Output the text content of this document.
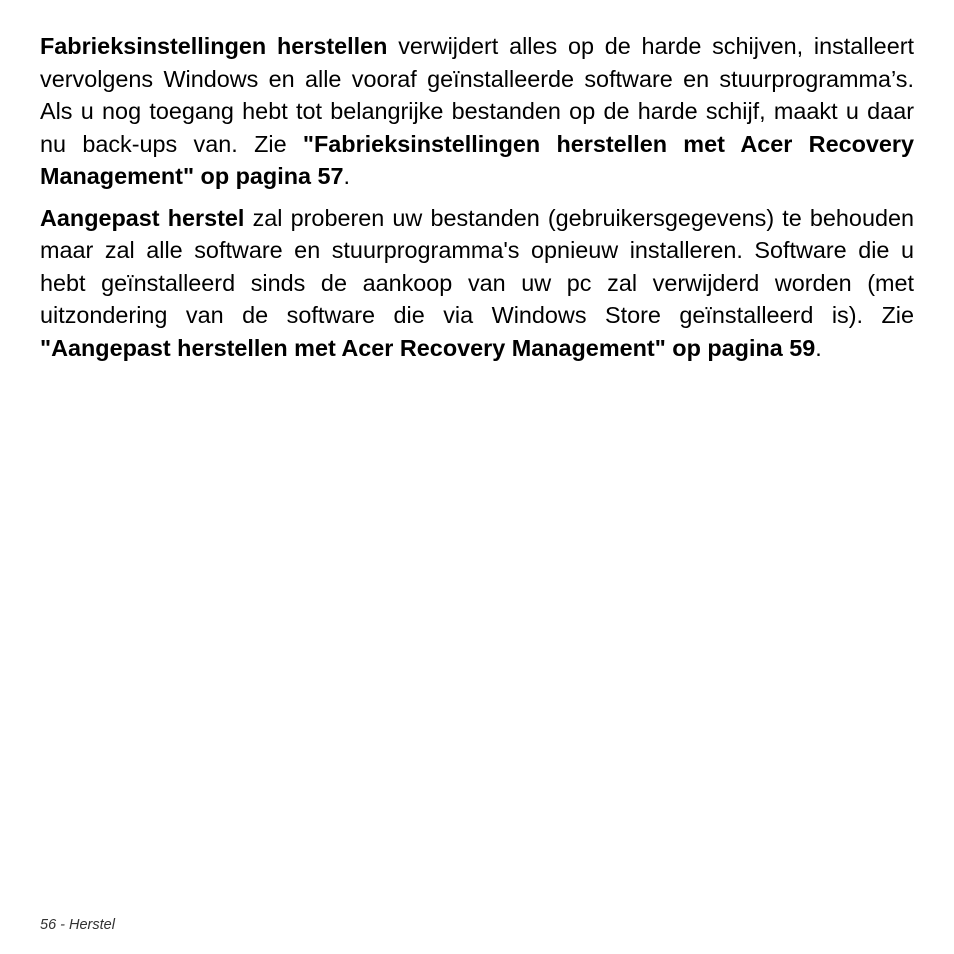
Fabrieksinstellingen herstellen verwijdert alles op de harde schijven, installeert vervolgens Windows en alle vooraf geïnstalleerde software en stuurprogramma’s. Als u nog toegang hebt tot belangrijke bestanden op de harde schijf, maakt u daar nu back-ups van. Zie "Fabrieksinstellingen herstellen met Acer Recovery Management" op pagina 57.

Aangepast herstel zal proberen uw bestanden (gebruikersgegevens) te behouden maar zal alle software en stuurprogramma's opnieuw installeren. Software die u hebt geïnstalleerd sinds de aankoop van uw pc zal verwijderd worden (met uitzondering van de software die via Windows Store geïnstalleerd is). Zie "Aangepast herstellen met Acer Recovery Management" op pagina 59.

56 - Herstel
